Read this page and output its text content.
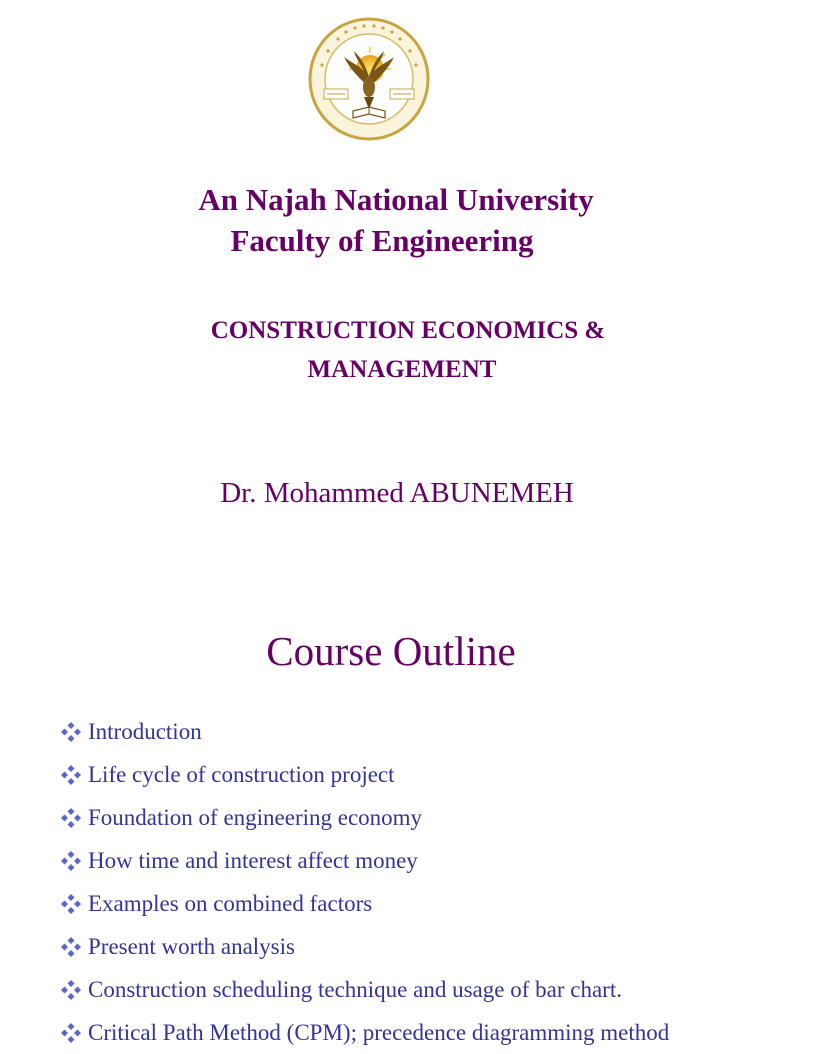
An Najah National University
Faculty of Engineering
CONSTRUCTION ECONOMICS &
MANAGEMENT
Dr. Mohammed ABUNEMEH
Course Outline
Introduction
Life cycle of construction project
Foundation of engineering economy
How time and interest affect money
Examples on combined factors
Present worth analysis
Construction scheduling technique and usage of bar chart.
Critical Path Method (CPM); precedence diagramming method
